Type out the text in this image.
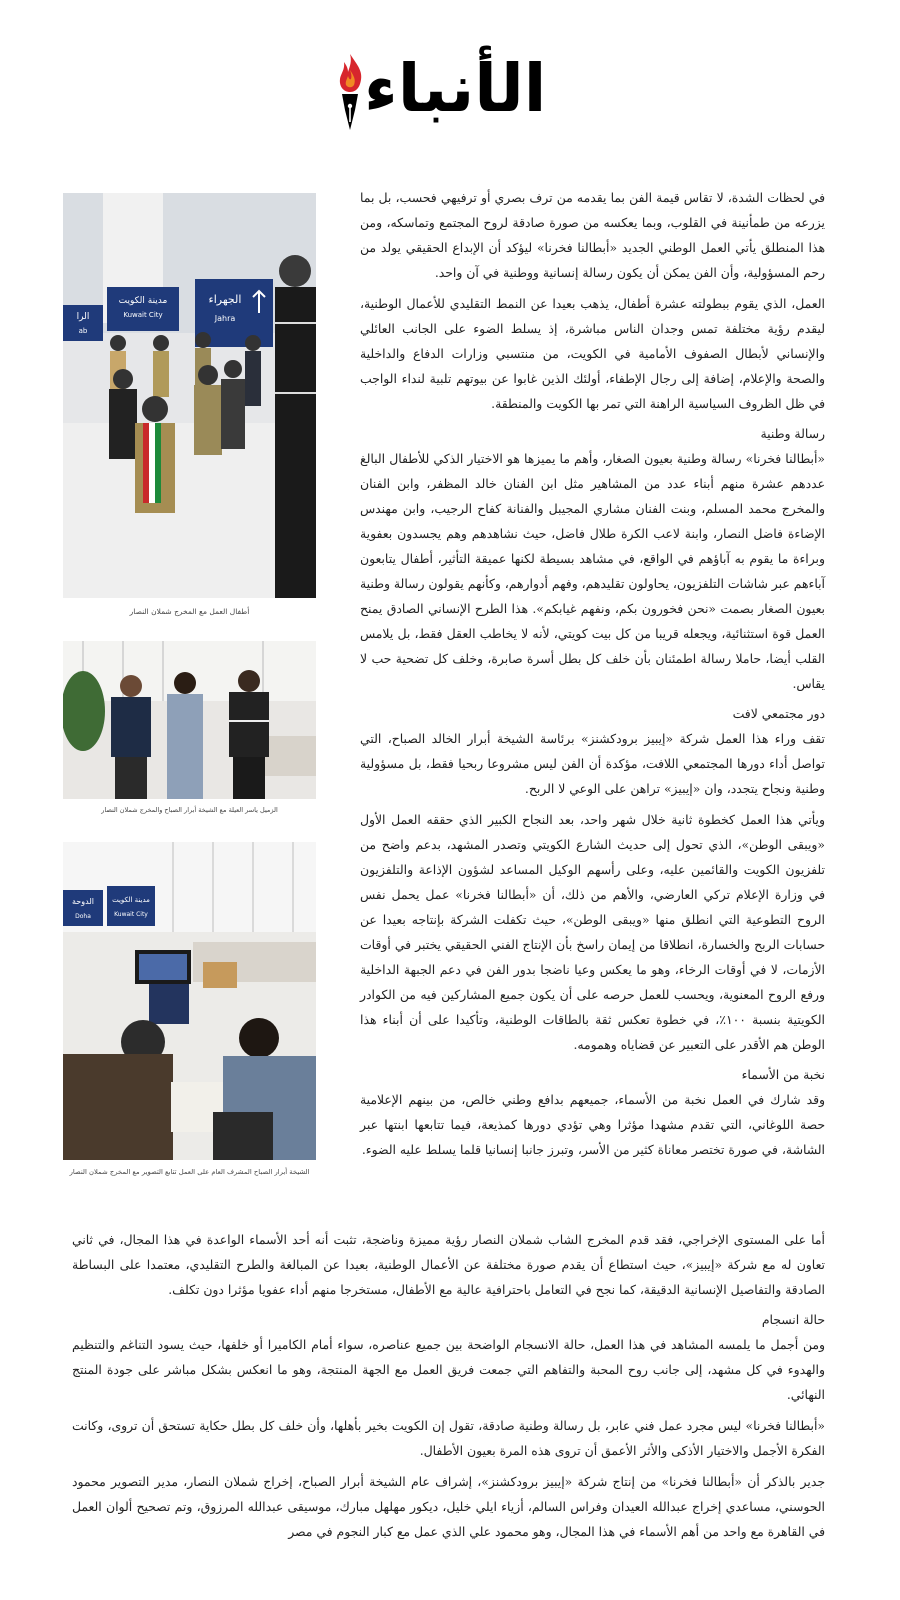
الأنباء
الرا
ab
مدينة الكويت
Kuwait City
الجهراء
Jahra
أطفال العمل مع المخرج شملان النصار
الزميل ياسر العيلة مع الشيخة أبرار الصباح والمخرج شملان النصار
الدوحة
Doha
مدينة الكويت
Kuwait City
الشيخة أبرار الصباح المشرف العام على العمل تتابع التصوير مع المخرج شملان النصار

في لحظات الشدة، لا تقاس قيمة الفن بما يقدمه من ترف بصري أو ترفيهي فحسب، بل بما يزرعه من طمأنينة في القلوب، وبما يعكسه من صورة صادقة لروح المجتمع وتماسكه، ومن هذا المنطلق يأتي العمل الوطني الجديد «أبطالنا فخرنا» ليؤكد أن الإبداع الحقيقي يولد من رحم المسؤولية، وأن الفن يمكن أن يكون رسالة إنسانية ووطنية في آن واحد.

العمل، الذي يقوم ببطولته عشرة أطفال، يذهب بعيدا عن النمط التقليدي للأعمال الوطنية، ليقدم رؤية مختلفة تمس وجدان الناس مباشرة، إذ يسلط الضوء على الجانب العائلي والإنساني لأبطال الصفوف الأمامية في الكويت، من منتسبي وزارات الدفاع والداخلية والصحة والإعلام، إضافة إلى رجال الإطفاء، أولئك الذين غابوا عن بيوتهم تلبية لنداء الواجب في ظل الظروف السياسية الراهنة التي تمر بها الكويت والمنطقة.

رسالة وطنية

«أبطالنا فخرنا» رسالة وطنية بعيون الصغار، وأهم ما يميزها هو الاختيار الذكي للأطفال البالغ عددهم عشرة منهم أبناء عدد من المشاهير مثل ابن الفنان خالد المظفر، وابن الفنان والمخرج محمد المسلم، وبنت الفنان مشاري المجيبل والفنانة كفاح الرجيب، وابن مهندس الإضاءة فاضل النصار، وابنة لاعب الكرة طلال فاضل، حيث نشاهدهم وهم يجسدون بعفوية وبراءة ما يقوم به آباؤهم في الواقع، في مشاهد بسيطة لكنها عميقة التأثير، أطفال يتابعون آباءهم عبر شاشات التلفزيون، يحاولون تقليدهم، وفهم أدوارهم، وكأنهم يقولون رسالة وطنية بعيون الصغار بصمت «نحن فخورون بكم، ونفهم غيابكم». هذا الطرح الإنساني الصادق يمنح العمل قوة استثنائية، ويجعله قريبا من كل بيت كويتي، لأنه لا يخاطب العقل فقط، بل يلامس القلب أيضا، حاملا رسالة اطمئنان بأن خلف كل بطل أسرة صابرة، وخلف كل تضحية حب لا يقاس.

دور مجتمعي لافت

تقف وراء هذا العمل شركة «إيبيز برودكشنز» برئاسة الشيخة أبرار الخالد الصباح، التي تواصل أداء دورها المجتمعي اللافت، مؤكدة أن الفن ليس مشروعا ربحيا فقط، بل مسؤولية وطنية ونجاح يتجدد، وان «إيبيز» تراهن على الوعي لا الربح.

ويأتي هذا العمل كخطوة ثانية خلال شهر واحد، بعد النجاح الكبير الذي حققه العمل الأول «ويبقى الوطن»، الذي تحول إلى حديث الشارع الكويتي وتصدر المشهد، بدعم واضح من تلفزيون الكويت والقائمين عليه، وعلى رأسهم الوكيل المساعد لشؤون الإذاعة والتلفزيون في وزارة الإعلام تركي العارضي، والأهم من ذلك، أن «أبطالنا فخرنا» عمل يحمل نفس الروح التطوعية التي انطلق منها «ويبقى الوطن»، حيث تكفلت الشركة بإنتاجه بعيدا عن حسابات الربح والخسارة، انطلاقا من إيمان راسخ بأن الإنتاج الفني الحقيقي يختبر في أوقات الأزمات، لا في أوقات الرخاء، وهو ما يعكس وعيا ناضجا بدور الفن في دعم الجبهة الداخلية ورفع الروح المعنوية، ويحسب للعمل حرصه على أن يكون جميع المشاركين فيه من الكوادر الكويتية بنسبة ١٠٠٪، في خطوة تعكس ثقة بالطاقات الوطنية، وتأكيدا على أن أبناء هذا الوطن هم الأقدر على التعبير عن قضاياه وهمومه.

نخبة من الأسماء

وقد شارك في العمل نخبة من الأسماء، جميعهم بدافع وطني خالص، من بينهم الإعلامية حصة اللوغاني، التي تقدم مشهدا مؤثرا وهي تؤدي دورها كمذيعة، فيما تتابعها ابنتها عبر الشاشة، في صورة تختصر معاناة كثير من الأسر، وتبرز جانبا إنسانيا قلما يسلط عليه الضوء.

أما على المستوى الإخراجي، فقد قدم المخرج الشاب شملان النصار رؤية مميزة وناضجة، تثبت أنه أحد الأسماء الواعدة في هذا المجال، في ثاني تعاون له مع شركة «إيبيز»، حيث استطاع أن يقدم صورة مختلفة عن الأعمال الوطنية، بعيدا عن المبالغة والطرح التقليدي، معتمدا على البساطة الصادقة والتفاصيل الإنسانية الدقيقة، كما نجح في التعامل باحترافية عالية مع الأطفال، مستخرجا منهم أداء عفويا مؤثرا دون تكلف.

حالة انسجام

ومن أجمل ما يلمسه المشاهد في هذا العمل، حالة الانسجام الواضحة بين جميع عناصره، سواء أمام الكاميرا أو خلفها، حيث يسود التناغم والتنظيم والهدوء في كل مشهد، إلى جانب روح المحبة والتفاهم التي جمعت فريق العمل مع الجهة المنتجة، وهو ما انعكس بشكل مباشر على جودة المنتج النهائي.

«أبطالنا فخرنا» ليس مجرد عمل فني عابر، بل رسالة وطنية صادقة، تقول إن الكويت بخير بأهلها، وأن خلف كل بطل حكاية تستحق أن تروى، وكانت الفكرة الأجمل والاختيار الأذكى والأثر الأعمق أن تروى هذه المرة بعيون الأطفال.

جدير بالذكر أن «أبطالنا فخرنا» من إنتاج شركة «إيبيز برودكشنز»، إشراف عام الشيخة أبرار الصباح، إخراج شملان النصار، مدير التصوير محمود الحوسني، مساعدي إخراج عبدالله العيدان وفراس السالم، أزياء ايلي خليل، ديكور مهلهل مبارك، موسيقى عبدالله المرزوق، وتم تصحيح ألوان العمل في القاهرة مع واحد من أهم الأسماء في هذا المجال، وهو محمود علي الذي عمل مع كبار النجوم في مصر
